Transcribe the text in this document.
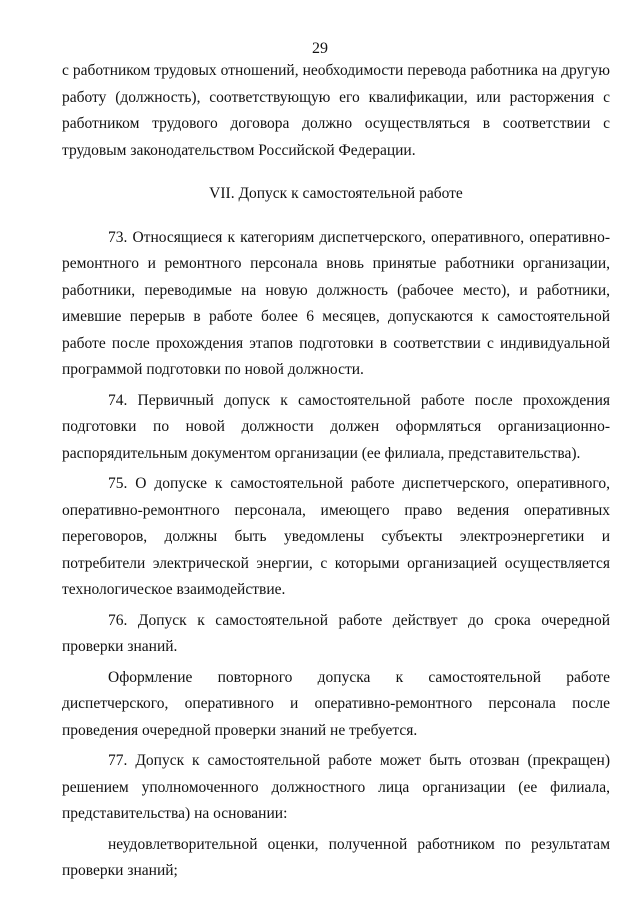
29

с работником трудовых отношений, необходимости перевода работника на другую работу (должность), соответствующую его квалификации, или расторжения с работником трудового договора должно осуществляться в соответствии с трудовым законодательством Российской Федерации.

VII. Допуск к самостоятельной работе

73. Относящиеся к категориям диспетчерского, оперативного, оперативно-ремонтного и ремонтного персонала вновь принятые работники организации, работники, переводимые на новую должность (рабочее место), и работники, имевшие перерыв в работе более 6 месяцев, допускаются к самостоятельной работе после прохождения этапов подготовки в соответствии с индивидуальной программой подготовки по новой должности.

74. Первичный допуск к самостоятельной работе после прохождения подготовки по новой должности должен оформляться организационно-распорядительным документом организации (ее филиала, представительства).

75. О допуске к самостоятельной работе диспетчерского, оперативного, оперативно-ремонтного персонала, имеющего право ведения оперативных переговоров, должны быть уведомлены субъекты электроэнергетики и потребители электрической энергии, с которыми организацией осуществляется технологическое взаимодействие.

76. Допуск к самостоятельной работе действует до срока очередной проверки знаний.

Оформление повторного допуска к самостоятельной работе диспетчерского, оперативного и оперативно-ремонтного персонала после проведения очередной проверки знаний не требуется.

77. Допуск к самостоятельной работе может быть отозван (прекращен) решением уполномоченного должностного лица организации (ее филиала, представительства) на основании:

неудовлетворительной оценки, полученной работником по результатам проверки знаний;
